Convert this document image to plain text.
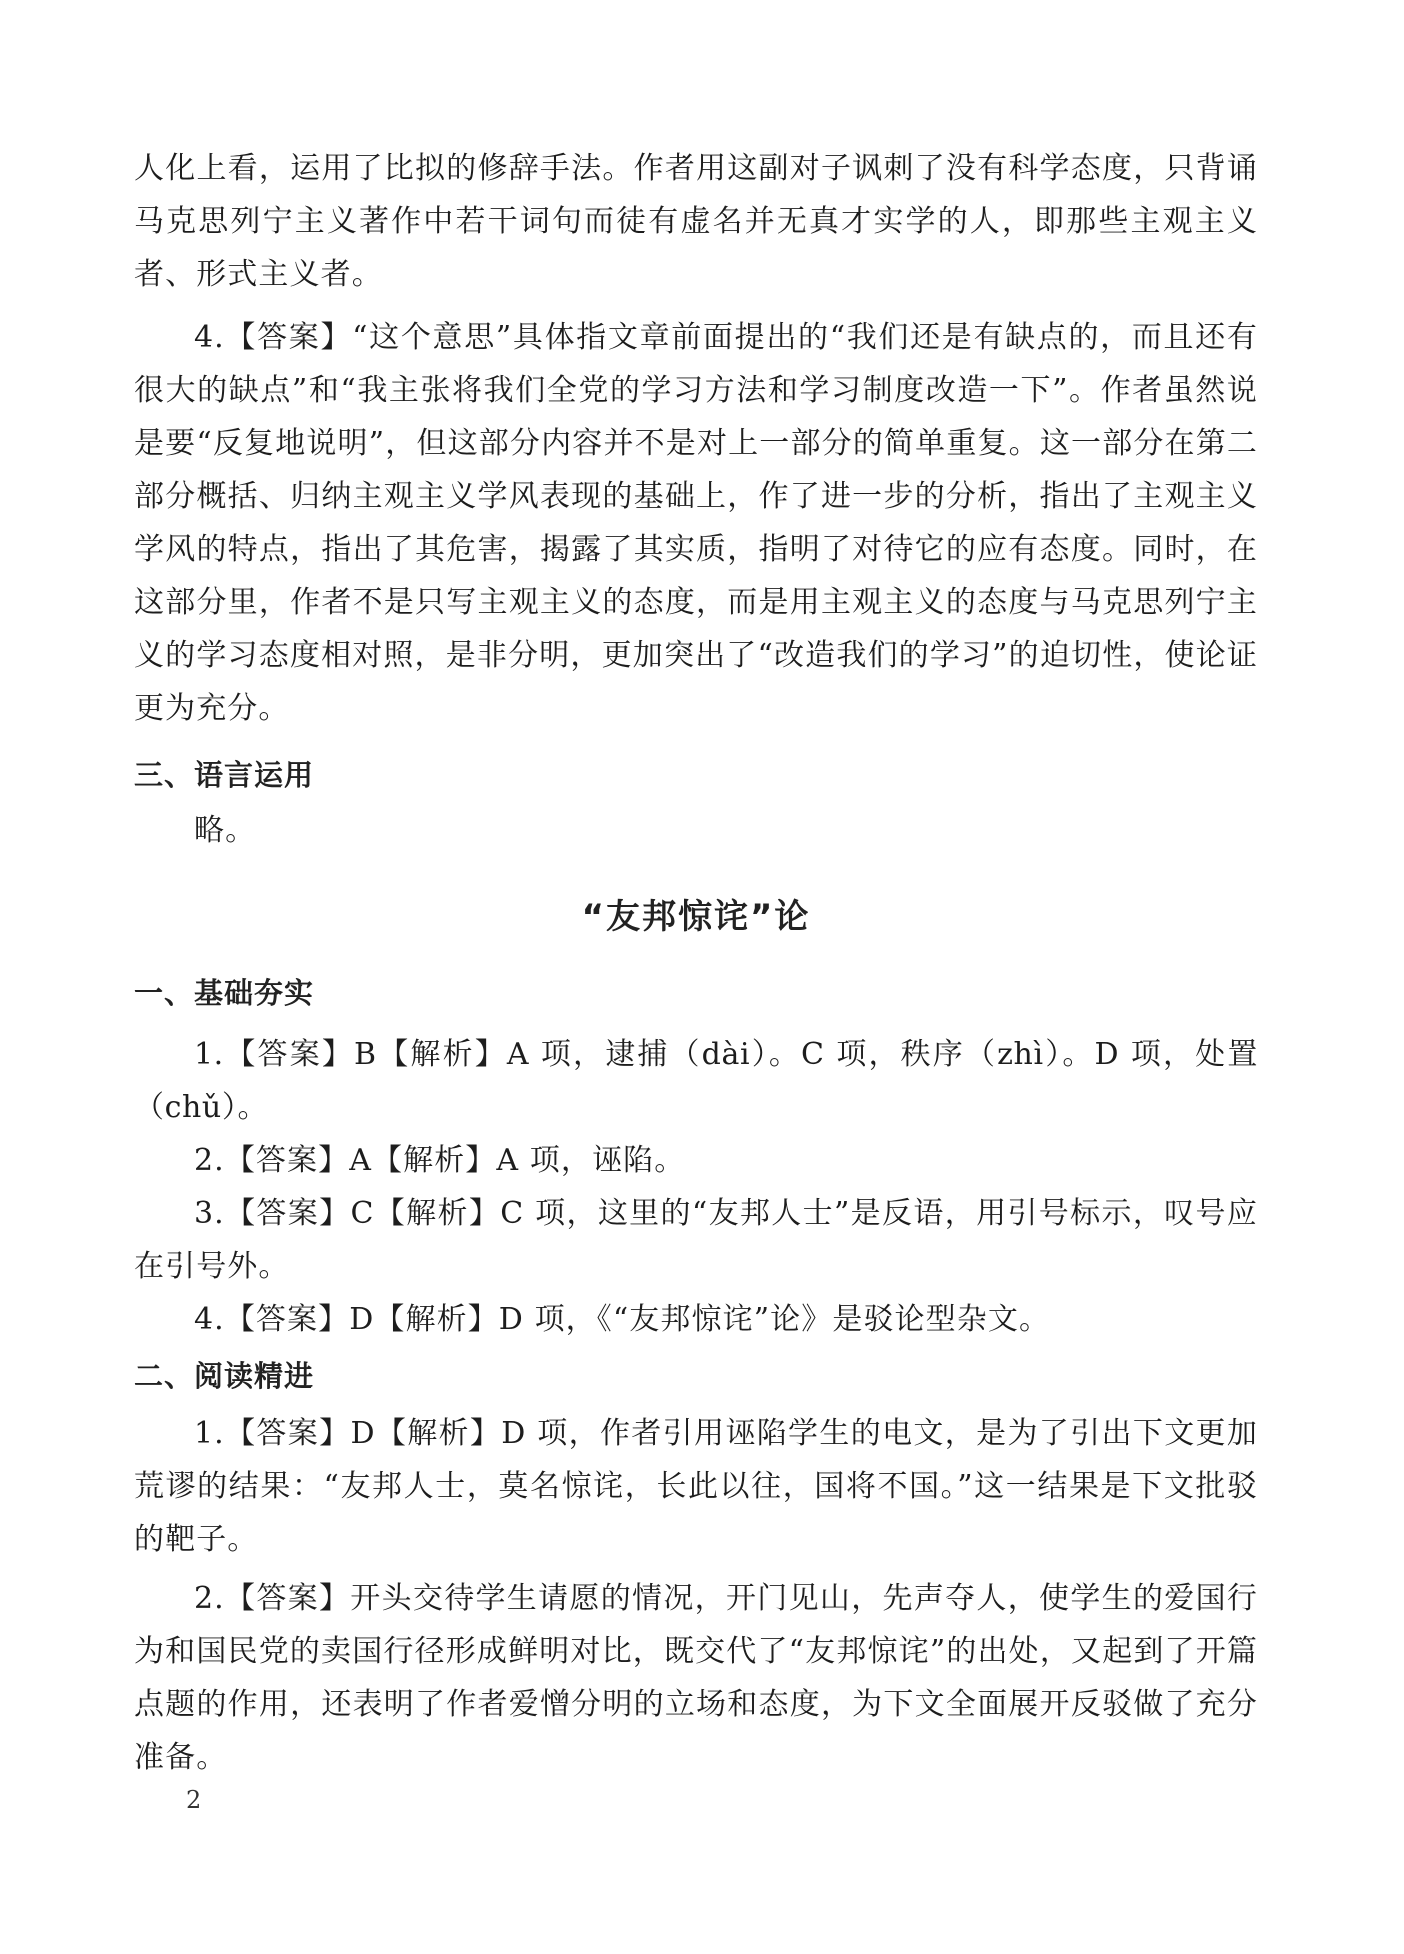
人化上看，运用了比拟的修辞手法。作者用这副对子讽刺了没有科学态度，只背诵马克思列宁主义著作中若干词句而徒有虚名并无真才实学的人，即那些主观主义者、形式主义者。

4.【答案】“这个意思”具体指文章前面提出的“我们还是有缺点的，而且还有很大的缺点”和“我主张将我们全党的学习方法和学习制度改造一下”。作者虽然说是要“反复地说明”，但这部分内容并不是对上一部分的简单重复。这一部分在第二部分概括、归纳主观主义学风表现的基础上，作了进一步的分析，指出了主观主义学风的特点，指出了其危害，揭露了其实质，指明了对待它的应有态度。同时，在这部分里，作者不是只写主观主义的态度，而是用主观主义的态度与马克思列宁主义的学习态度相对照，是非分明，更加突出了“改造我们的学习”的迫切性，使论证更为充分。

三、语言运用

略。

“友邦惊诧”论

一、基础夯实

1.【答案】B【解析】A 项，逮捕（dài）。C 项，秩序（zhì）。D 项，处置（chǔ）。

2.【答案】A【解析】A 项，诬陷。

3.【答案】C【解析】C 项，这里的“友邦人士”是反语，用引号标示，叹号应在引号外。

4.【答案】D【解析】D 项，《“友邦惊诧”论》是驳论型杂文。

二、阅读精进

1.【答案】D【解析】D 项，作者引用诬陷学生的电文，是为了引出下文更加荒谬的结果：“友邦人士，莫名惊诧，长此以往，国将不国。”这一结果是下文批驳的靶子。

2.【答案】开头交待学生请愿的情况，开门见山，先声夺人，使学生的爱国行为和国民党的卖国行径形成鲜明对比，既交代了“友邦惊诧”的出处，又起到了开篇点题的作用，还表明了作者爱憎分明的立场和态度，为下文全面展开反驳做了充分准备。

2
